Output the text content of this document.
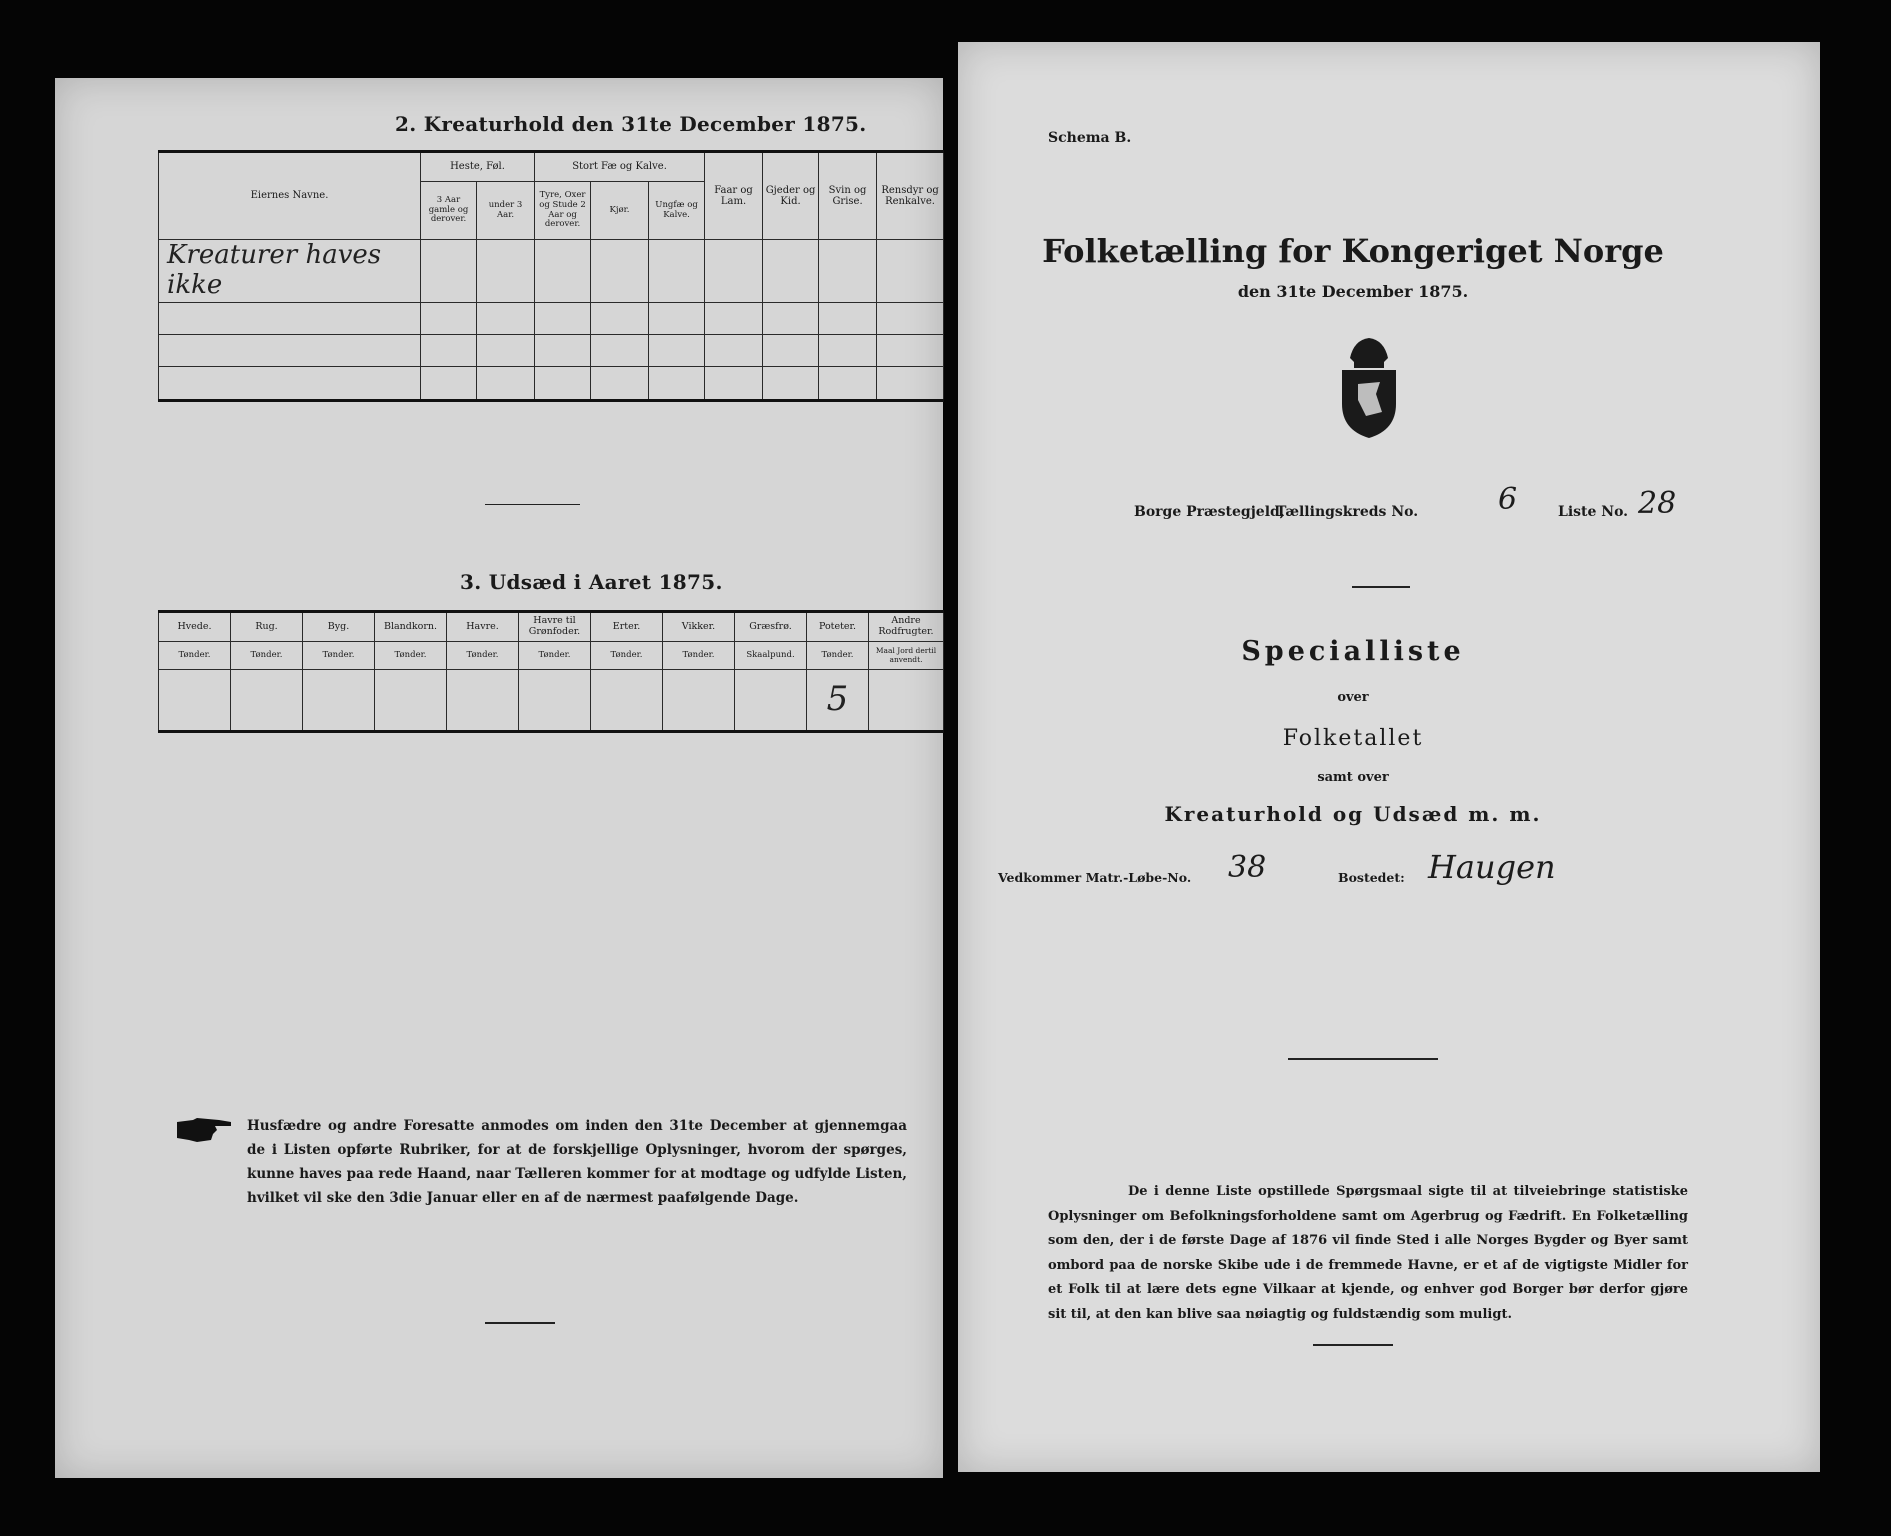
2. Kreaturhold den 31te December 1875.
Eiernes Navne.	Heste, Føl.		Stort Fæ og Kalve.			Faar og Lam.	Gjeder og Kid.	Svin og Grise.	Rensdyr og Renkalve.
	3 Aar gamle og derover.	under 3 Aar.	Tyre, Oxer og Stude 2 Aar og derover.	Kjør.	Ungfæ og Kalve.				
Kreaturer haves ikke									

3. Udsæd i Aaret 1875.
Hvede.	Rug.	Byg.	Blandkorn.	Havre.	Havre til Grønfoder.	Erter.	Vikker.	Græsfrø.	Poteter.	Andre Rodfrugter.
Tønder.	Tønder.	Tønder.	Tønder.	Tønder.	Tønder.	Tønder.	Tønder.	Skaalpund.	Tønder.	Maal Jord dertil anvendt.
									5	
Husfædre og andre Foresatte anmodes om inden den 31te December at gjennemgaa de i Listen opførte Rubriker, for at de forskjellige Oplysninger, hvorom der spørges, kunne haves paa rede Haand, naar Tælleren kommer for at modtage og udfylde Listen, hvilket vil ske den 3die Januar eller en af de nærmest paafølgende Dage.
Schema B.
Folketælling for Kongeriget Norge
den 31te December 1875.
Borge Præstegjeld,
Tællingskreds No.	6	Liste No. 28
Specialliste
over
Folketallet
samt over
Kreaturhold og Udsæd m. m.
Vedkommer Matr.-Løbe-No. 38	Bostedet: Haugen
De i denne Liste opstillede Spørgsmaal sigte til at tilveiebringe statistiske Oplysninger om Befolkningsforholdene samt om Agerbrug og Fædrift. En Folketælling som den, der i de første Dage af 1876 vil finde Sted i alle Norges Bygder og Byer samt ombord paa de norske Skibe ude i de fremmede Havne, er et af de vigtigste Midler for et Folk til at lære dets egne Vilkaar at kjende, og enhver god Borger bør derfor gjøre sit til, at den kan blive saa nøiagtig og fuldstændig som muligt.
